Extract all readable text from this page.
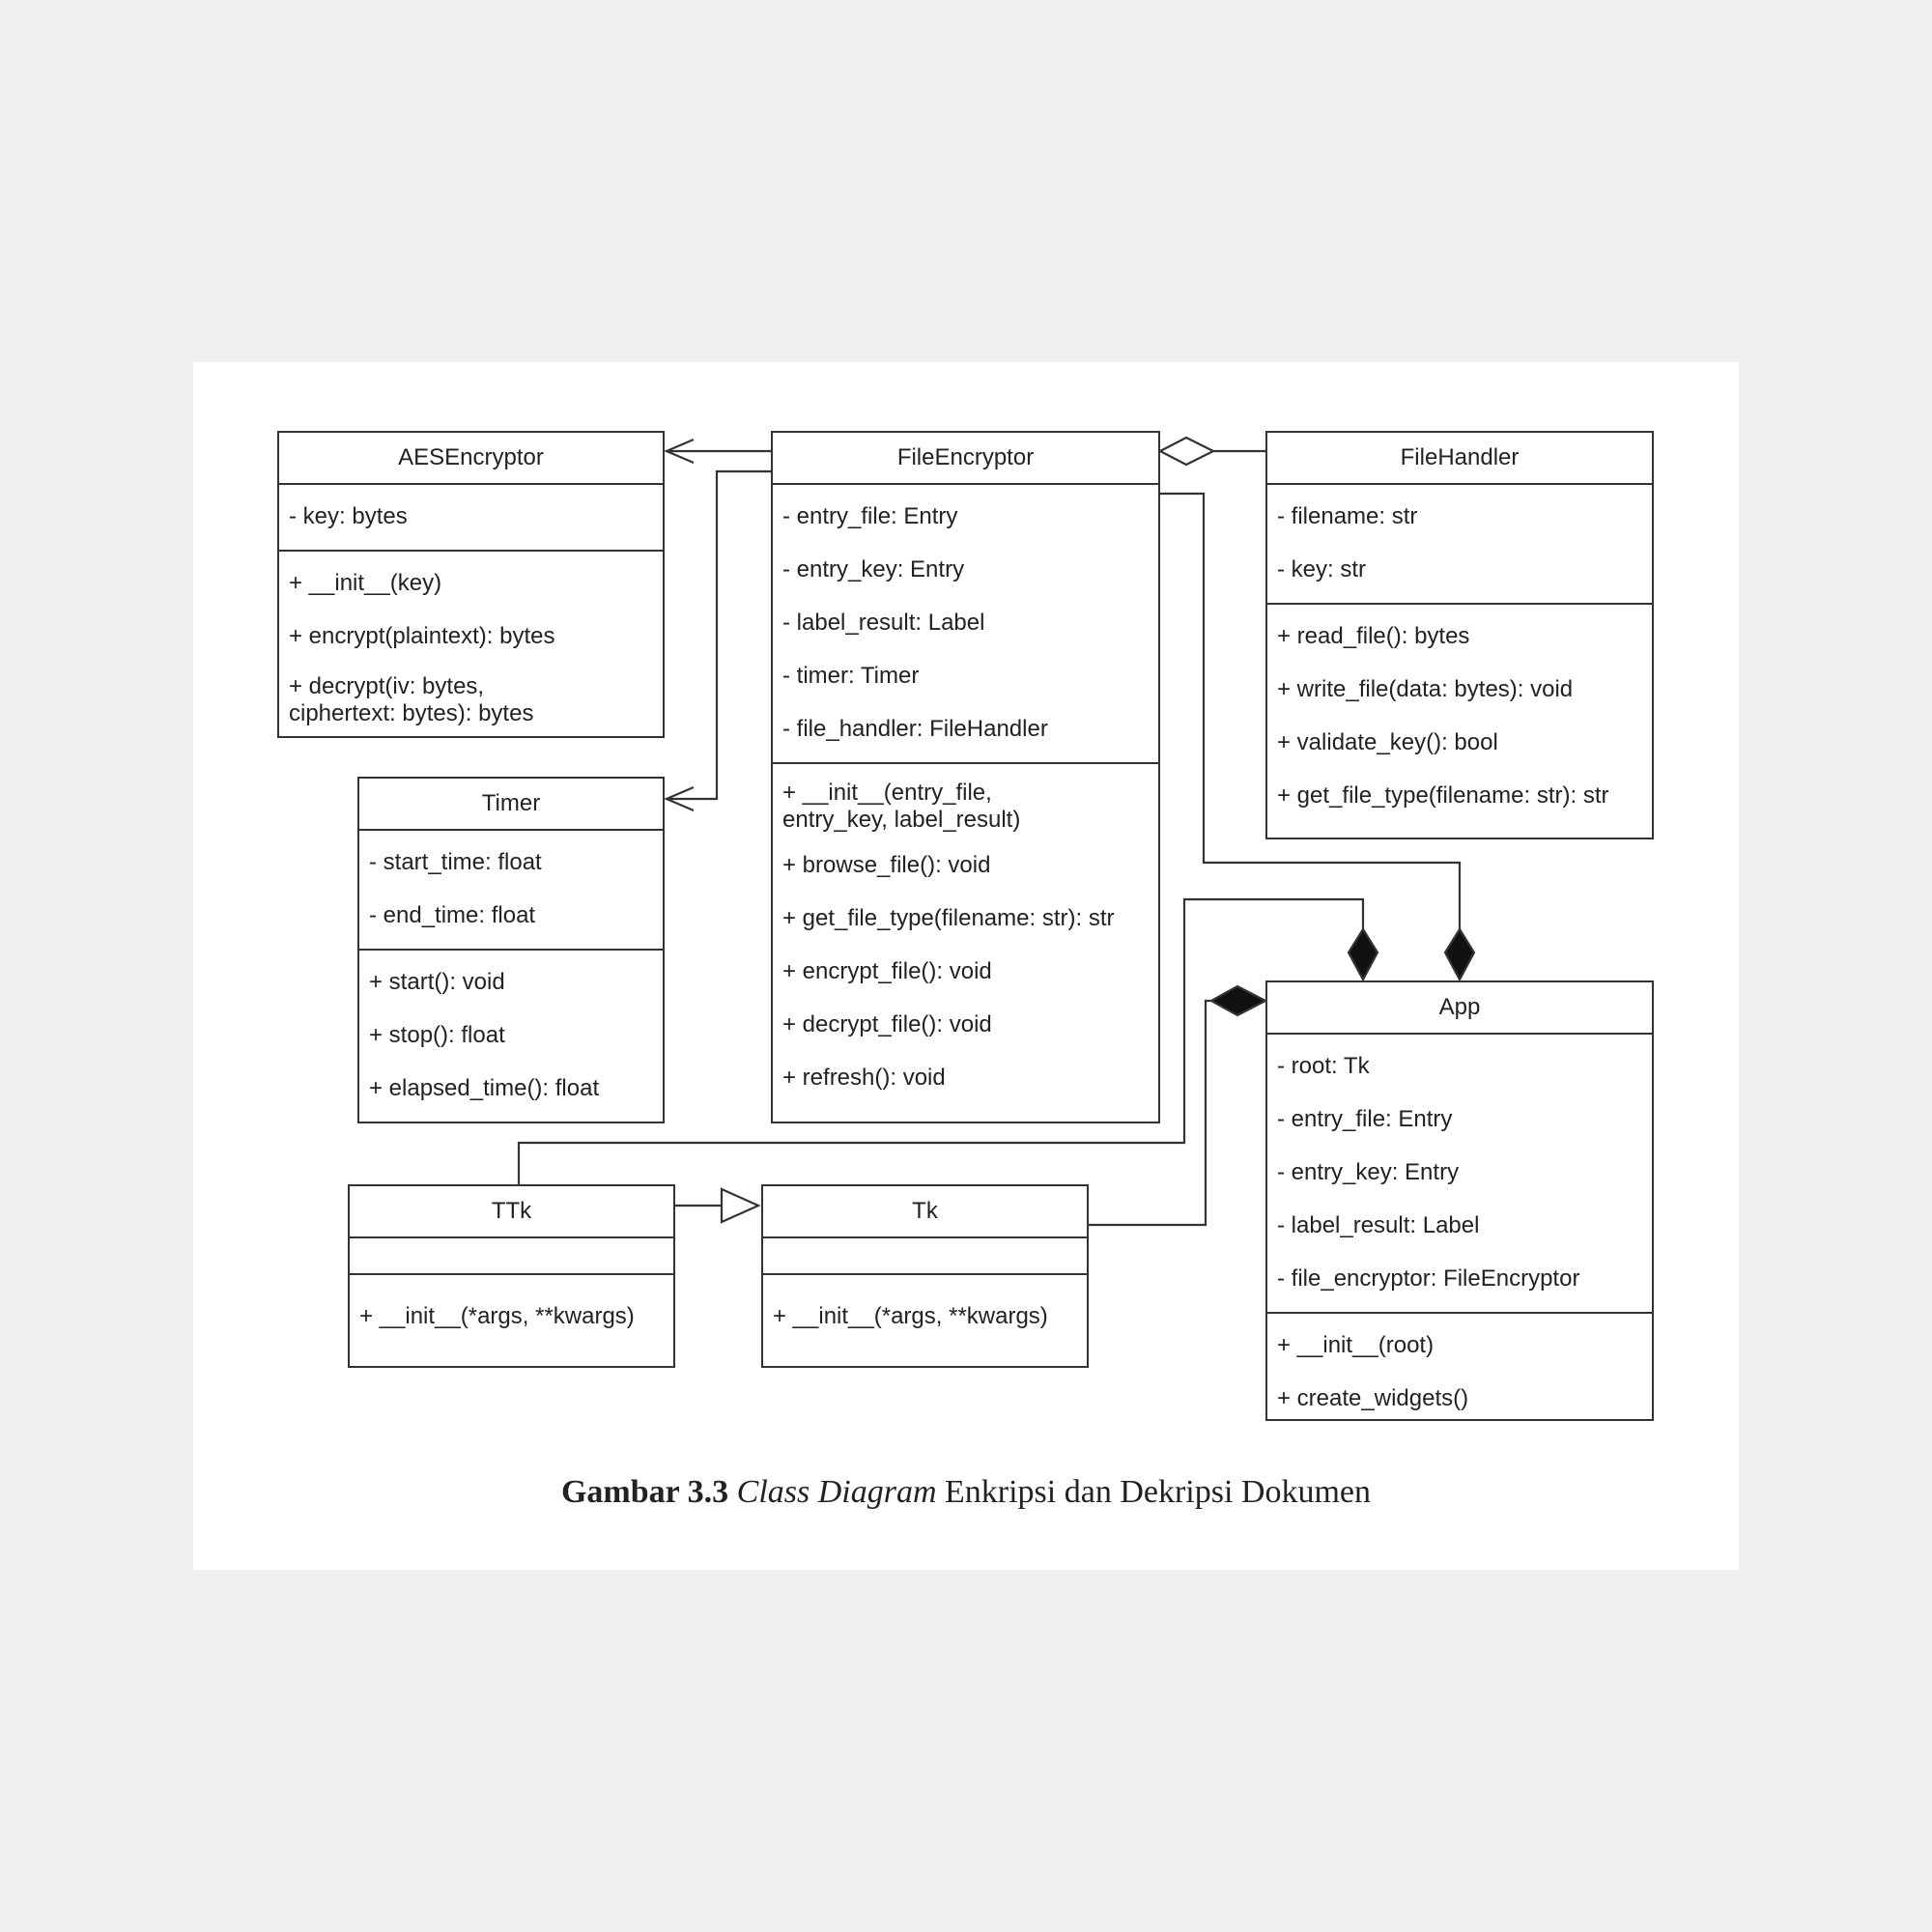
AESEncryptor
- key: bytes
+ __init__(key)
+ encrypt(plaintext): bytes
+ decrypt(iv: bytes,
ciphertext: bytes): bytes
FileEncryptor
- entry_file: Entry
- entry_key: Entry
- label_result: Label
- timer: Timer
- file_handler: FileHandler
+ __init__(entry_file,
entry_key, label_result)
+ browse_file(): void
+ get_file_type(filename: str): str
+ encrypt_file(): void
+ decrypt_file(): void
+ refresh(): void
FileHandler
- filename: str
- key: str
+ read_file(): bytes
+ write_file(data: bytes): void
+ validate_key(): bool
+ get_file_type(filename: str): str
Timer
- start_time: float
- end_time: float
+ start(): void
+ stop(): float
+ elapsed_time(): float
App
- root: Tk
- entry_file: Entry
- entry_key: Entry
- label_result: Label
- file_encryptor: FileEncryptor
+ __init__(root)
+ create_widgets()
TTk
+ __init__(*args, **kwargs)
Tk
+ __init__(*args, **kwargs)
Gambar 3.3 Class Diagram Enkripsi dan Dekripsi Dokumen
